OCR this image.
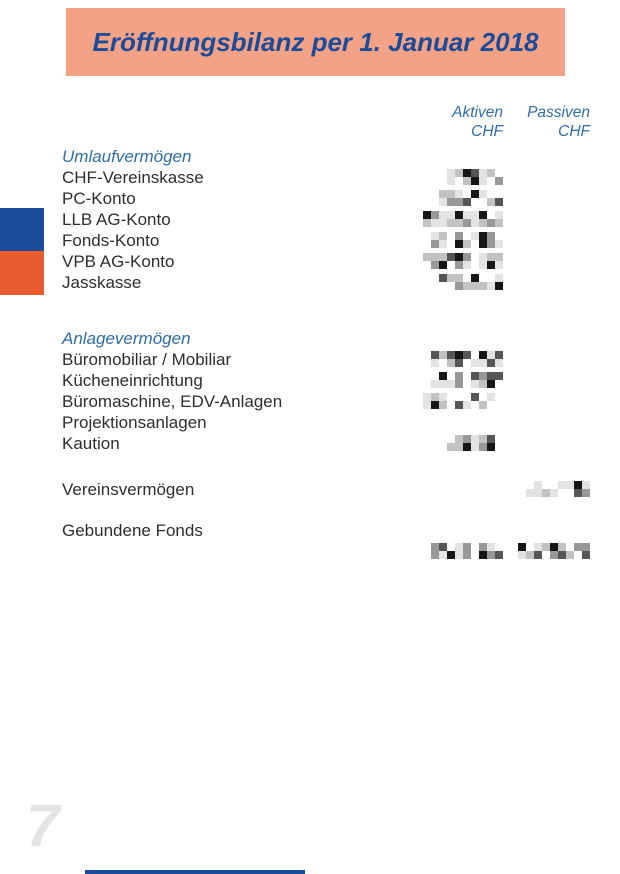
Eröffnungsbilanz per 1. Januar 2018
Aktiven
CHF
Passiven
CHF
Umlaufvermögen
CHF-Vereinskasse
PC-Konto
LLB AG-Konto
Fonds-Konto
VPB AG-Konto
Jasskasse
Anlagevermögen
Büromobiliar / Mobiliar
Kücheneinrichtung
Büromaschine, EDV-Anlagen
Projektionsanlagen
Kaution
Vereinsvermögen
Gebundene Fonds
7
